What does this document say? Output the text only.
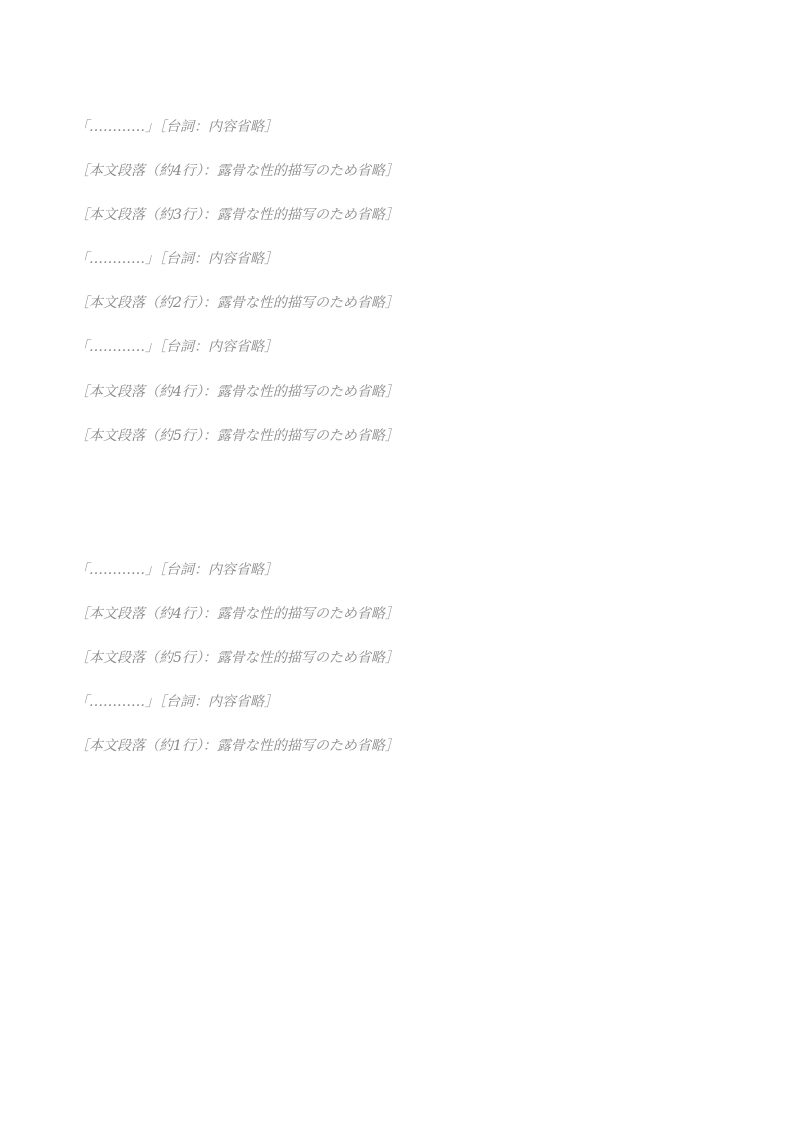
「…………」［台詞：内容省略］

［本文段落（約4行）：露骨な性的描写のため省略］

［本文段落（約3行）：露骨な性的描写のため省略］

「…………」［台詞：内容省略］

［本文段落（約2行）：露骨な性的描写のため省略］

「…………」［台詞：内容省略］

［本文段落（約4行）：露骨な性的描写のため省略］

［本文段落（約5行）：露骨な性的描写のため省略］

「…………」［台詞：内容省略］

［本文段落（約4行）：露骨な性的描写のため省略］

［本文段落（約5行）：露骨な性的描写のため省略］

「…………」［台詞：内容省略］

［本文段落（約1行）：露骨な性的描写のため省略］
